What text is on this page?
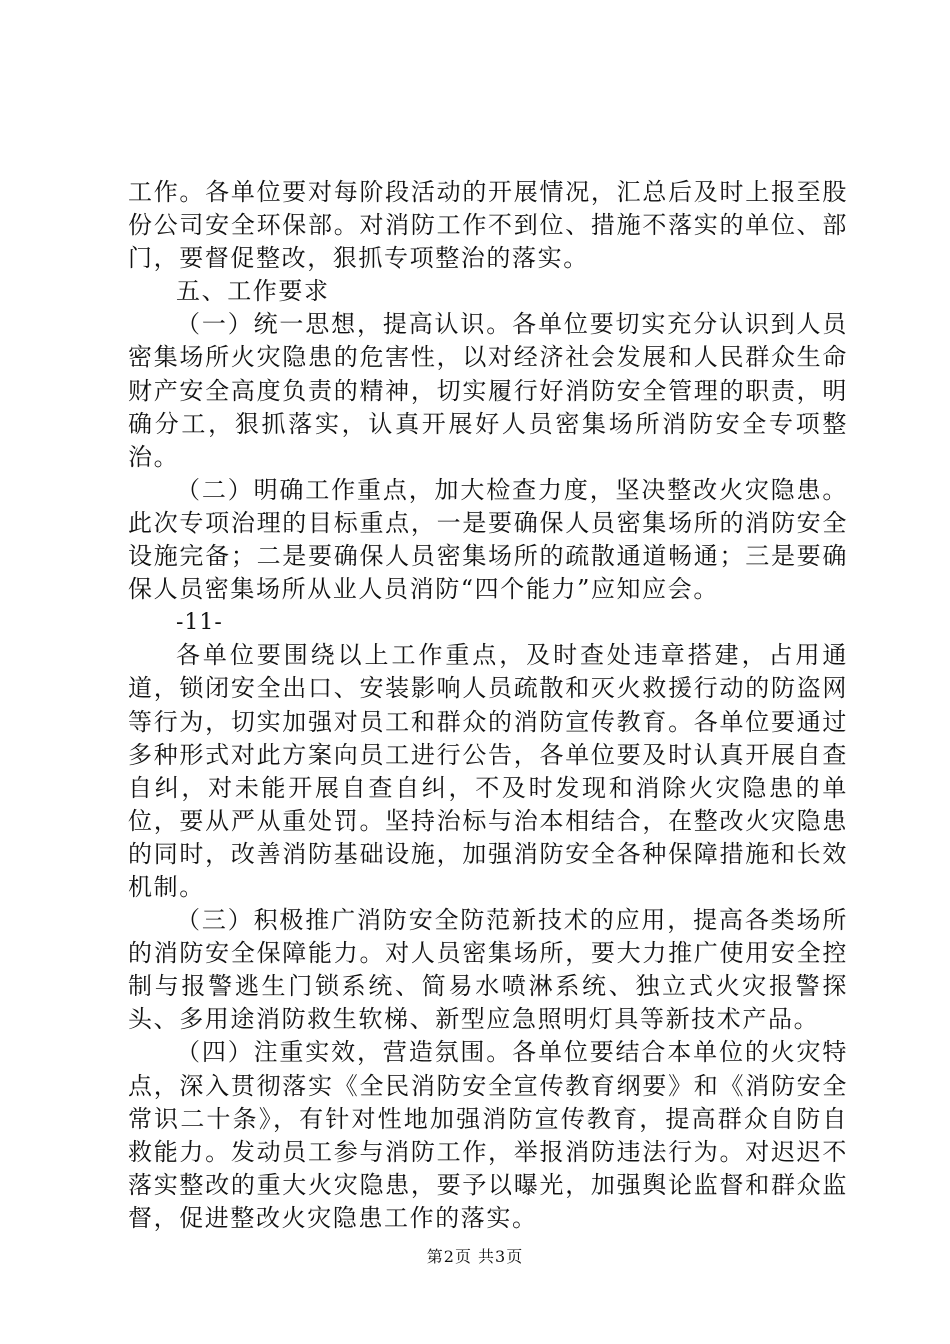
工作。各单位要对每阶段活动的开展情况，汇总后及时上报至股份公司安全环保部。对消防工作不到位、措施不落实的单位、部门，要督促整改，狠抓专项整治的落实。

五、工作要求

（一）统一思想，提高认识。各单位要切实充分认识到人员密集场所火灾隐患的危害性，以对经济社会发展和人民群众生命财产安全高度负责的精神，切实履行好消防安全管理的职责，明确分工，狠抓落实，认真开展好人员密集场所消防安全专项整治。

（二）明确工作重点，加大检查力度，坚决整改火灾隐患。此次专项治理的目标重点，一是要确保人员密集场所的消防安全设施完备；二是要确保人员密集场所的疏散通道畅通；三是要确保人员密集场所从业人员消防“四个能力”应知应会。

-11-

各单位要围绕以上工作重点，及时查处违章搭建，占用通道，锁闭安全出口、安装影响人员疏散和灭火救援行动的防盗网等行为，切实加强对员工和群众的消防宣传教育。各单位要通过多种形式对此方案向员工进行公告，各单位要及时认真开展自查自纠，对未能开展自查自纠，不及时发现和消除火灾隐患的单位，要从严从重处罚。坚持治标与治本相结合，在整改火灾隐患的同时，改善消防基础设施，加强消防安全各种保障措施和长效机制。

（三）积极推广消防安全防范新技术的应用，提高各类场所的消防安全保障能力。对人员密集场所，要大力推广使用安全控制与报警逃生门锁系统、简易水喷淋系统、独立式火灾报警探头、多用途消防救生软梯、新型应急照明灯具等新技术产品。

（四）注重实效，营造氛围。各单位要结合本单位的火灾特点，深入贯彻落实《全民消防安全宣传教育纲要》和《消防安全常识二十条》，有针对性地加强消防宣传教育，提高群众自防自救能力。发动员工参与消防工作，举报消防违法行为。对迟迟不落实整改的重大火灾隐患，要予以曝光，加强舆论监督和群众监督，促进整改火灾隐患工作的落实。

第2页 共3页
